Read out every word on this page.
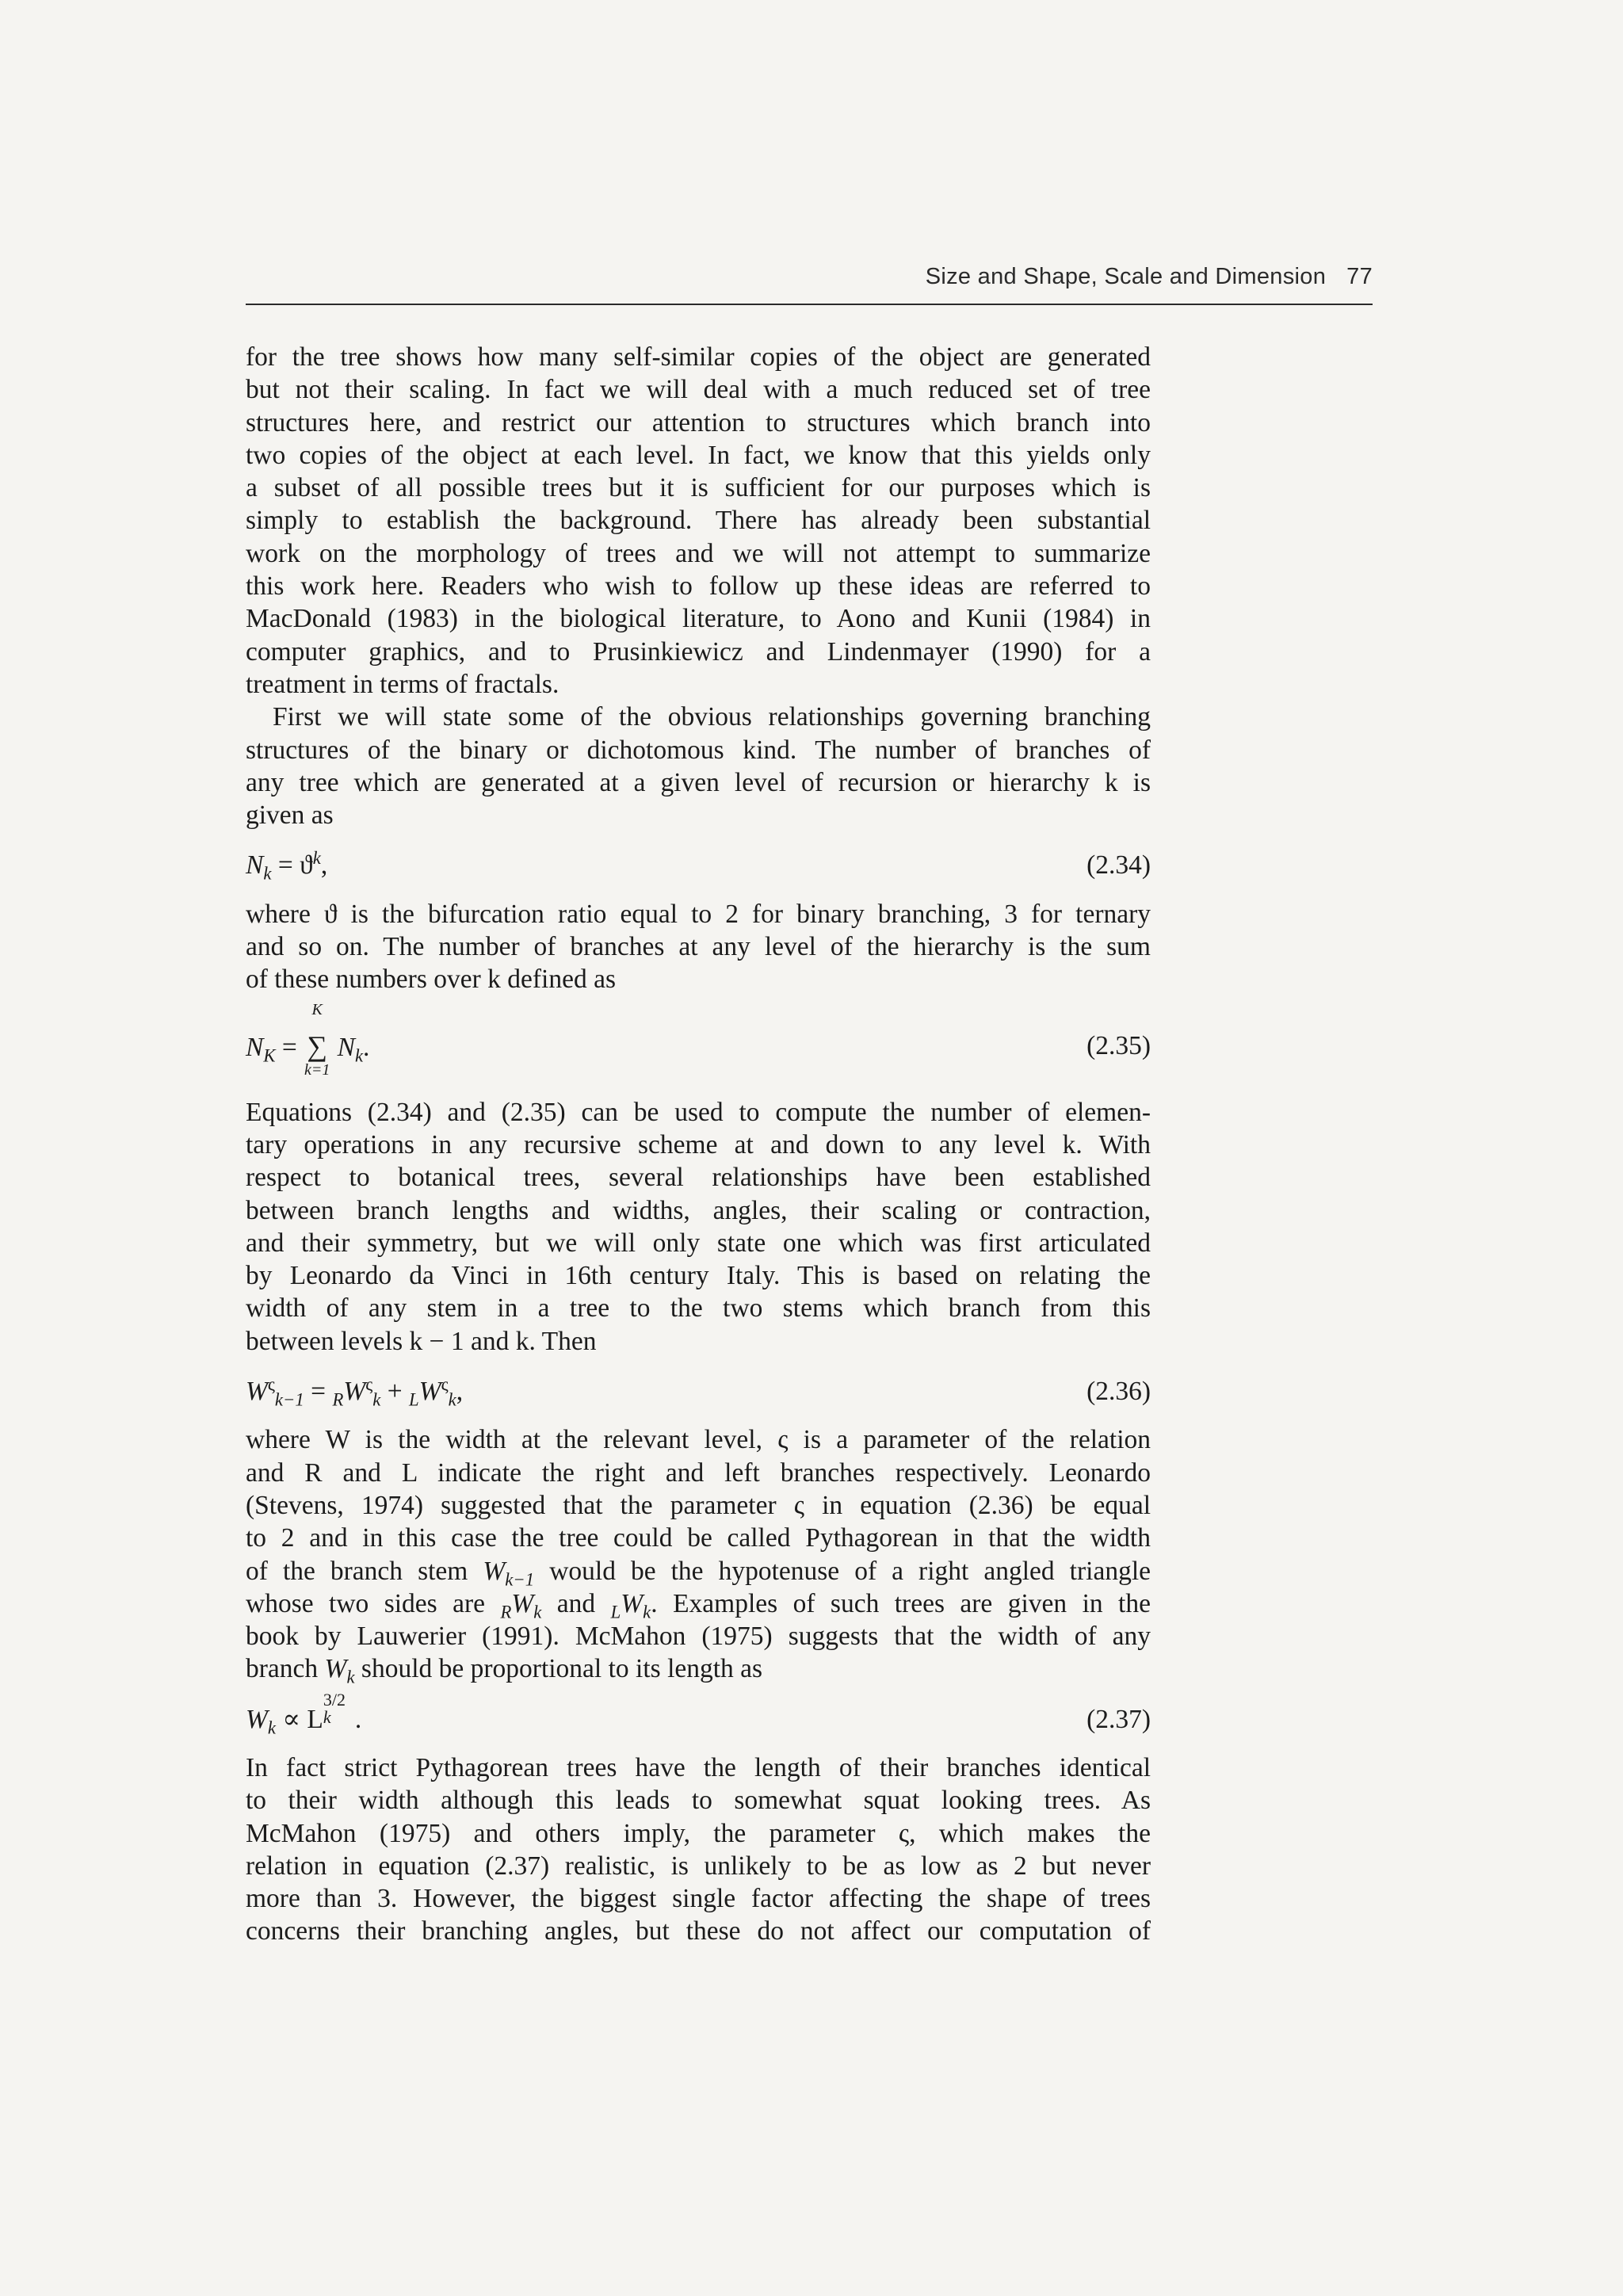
Size and Shape, Scale and Dimension 77
for the tree shows how many self-similar copies of the object are generated
but not their scaling. In fact we will deal with a much reduced set of tree
structures here, and restrict our attention to structures which branch into
two copies of the object at each level. In fact, we know that this yields only
a subset of all possible trees but it is sufficient for our purposes which is
simply to establish the background. There has already been substantial
work on the morphology of trees and we will not attempt to summarize
this work here. Readers who wish to follow up these ideas are referred to
MacDonald (1983) in the biological literature, to Aono and Kunii (1984) in
computer graphics, and to Prusinkiewicz and Lindenmayer (1990) for a
treatment in terms of fractals.
First we will state some of the obvious relationships governing branching
structures of the binary or dichotomous kind. The number of branches of
any tree which are generated at a given level of recursion or hierarchy k is
given as
$N_k = ϑ^k$,	(2.34)
where ϑ is the bifurcation ratio equal to 2 for binary branching, 3 for ternary
and so on. The number of branches at any level of the hierarchy is the sum
of these numbers over k defined as
$N_K$ =
K
∑
k=1
$N_k$.	(2.35)
Equations (2.34) and (2.35) can be used to compute the number of elemen-
tary operations in any recursive scheme at and down to any level k. With
respect to botanical trees, several relationships have been established
between branch lengths and widths, angles, their scaling or contraction,
and their symmetry, but we will only state one which was first articulated
by Leonardo da Vinci in 16th century Italy. This is based on relating the
width of any stem in a tree to the two stems which branch from this
between levels k − 1 and k. Then
$W^\varsigma_{k-1} = _RW^\varsigma_k + _LW^\varsigma_k$,	(2.36)
where W is the width at the relevant level, ς is a parameter of the relation
and R and L indicate the right and left branches respectively. Leonardo
(Stevens, 1974) suggested that the parameter ς in equation (2.36) be equal
to 2 and in this case the tree could be called Pythagorean in that the width
of the branch stem $W_{k-1}$ would be the hypotenuse of a right angled triangle
whose two sides are $_RW_k$ and $_LW_k$. Examples of such trees are given in the
book by Lauwerier (1991). McMahon (1975) suggests that the width of any
branch $W_k$ should be proportional to its length as
$W_k \propto L$
3/2
k .	(2.37)
In fact strict Pythagorean trees have the length of their branches identical
to their width although this leads to somewhat squat looking trees. As
McMahon (1975) and others imply, the parameter ς, which makes the
relation in equation (2.37) realistic, is unlikely to be as low as 2 but never
more than 3. However, the biggest single factor affecting the shape of trees
concerns their branching angles, but these do not affect our computation of
